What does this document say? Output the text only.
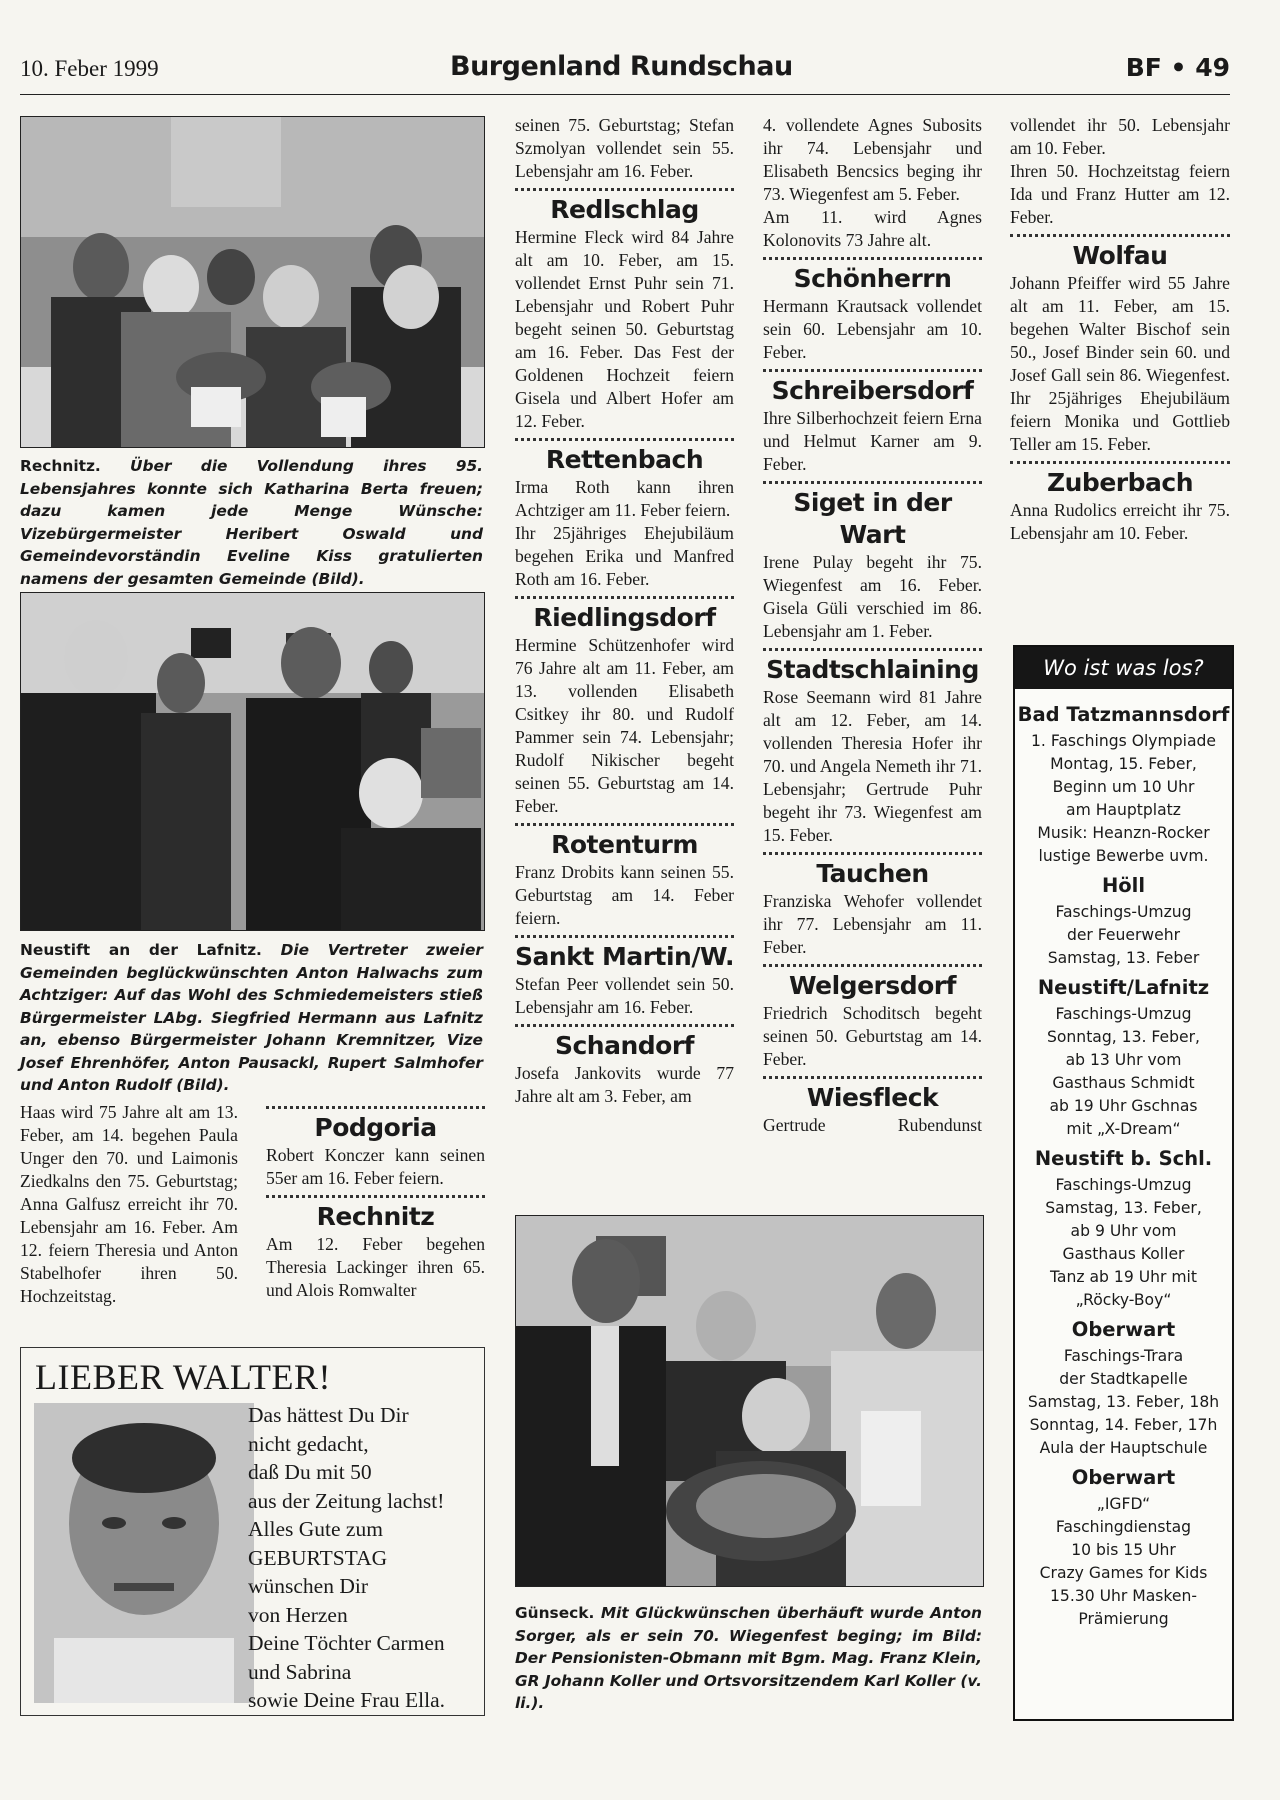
10. Feber 1999	Burgenland Rundschau	BF • 49
Rechnitz. Über die Vollendung ihres 95. Lebensjahres konnte sich Katharina Berta freuen; dazu kamen jede Menge Wünsche: Vizebürgermeister Heribert Oswald und Gemeindevorständin Eveline Kiss gratulierten namens der gesamten Gemeinde (Bild).
Neustift an der Lafnitz. Die Vertreter zweier Gemeinden beglückwünschten Anton Halwachs zum Achtziger: Auf das Wohl des Schmiedemeisters stieß Bürgermeister LAbg. Siegfried Hermann aus Lafnitz an, ebenso Bürgermeister Johann Kremnitzer, Vize Josef Ehrenhöfer, Anton Pausackl, Rupert Salmhofer und Anton Rudolf (Bild).

Haas wird 75 Jahre alt am 13. Feber, am 14. begehen Paula Unger den 70. und Laimonis Ziedkalns den 75. Geburtstag; Anna Galfusz erreicht ihr 70. Lebensjahr am 16. Feber. Am 12. feiern Theresia und Anton Stabelhofer ihren 50. Hochzeitstag.

Podgoria

Robert Konczer kann seinen 55er am 16. Feber feiern.

Rechnitz

Am 12. Feber begehen Theresia Lackinger ihren 65. und Alois Romwalter

LIEBER WALTER!
Das hättest Du Dir
nicht gedacht,
daß Du mit 50
aus der Zeitung lachst!
Alles Gute zum
GEBURTSTAG
wünschen Dir
von Herzen
Deine Töchter Carmen
und Sabrina
sowie Deine Frau Ella.

seinen 75. Geburtstag; Stefan Szmolyan vollendet sein 55. Lebensjahr am 16. Feber.

Redlschlag

Hermine Fleck wird 84 Jahre alt am 10. Feber, am 15. vollendet Ernst Puhr sein 71. Lebensjahr und Robert Puhr begeht seinen 50. Geburtstag am 16. Feber. Das Fest der Goldenen Hochzeit feiern Gisela und Albert Hofer am 12. Feber.

Rettenbach

Irma Roth kann ihren Achtziger am 11. Feber feiern.

Ihr 25jähriges Ehejubiläum begehen Erika und Manfred Roth am 16. Feber.

Riedlingsdorf

Hermine Schützenhofer wird 76 Jahre alt am 11. Feber, am 13. vollenden Elisabeth Csitkey ihr 80. und Rudolf Pammer sein 74. Lebensjahr; Rudolf Nikischer begeht seinen 55. Geburtstag am 14. Feber.

Rotenturm

Franz Drobits kann seinen 55. Geburtstag am 14. Feber feiern.

Sankt Martin/W.

Stefan Peer vollendet sein 50. Lebensjahr am 16. Feber.

Schandorf

Josefa Jankovits wurde 77 Jahre alt am 3. Feber, am

4. vollendete Agnes Subosits ihr 74. Lebensjahr und Elisabeth Bencsics beging ihr 73. Wiegenfest am 5. Feber.

Am 11. wird Agnes Kolonovits 73 Jahre alt.

Schönherrn

Hermann Krautsack vollendet sein 60. Lebensjahr am 10. Feber.

Schreibersdorf

Ihre Silberhochzeit feiern Erna und Helmut Karner am 9. Feber.

Siget in der Wart

Irene Pulay begeht ihr 75. Wiegenfest am 16. Feber. Gisela Güli verschied im 86. Lebensjahr am 1. Feber.

Stadtschlaining

Rose Seemann wird 81 Jahre alt am 12. Feber, am 14. vollenden Theresia Hofer ihr 70. und Angela Nemeth ihr 71. Lebensjahr; Gertrude Puhr begeht ihr 73. Wiegenfest am 15. Feber.

Tauchen

Franziska Wehofer vollendet ihr 77. Lebensjahr am 11. Feber.

Welgersdorf

Friedrich Schoditsch begeht seinen 50. Geburtstag am 14. Feber.

Wiesfleck

Gertrude Rubendunst

Günseck. Mit Glückwünschen überhäuft wurde Anton Sorger, als er sein 70. Wiegenfest beging; im Bild: Der Pensionisten-Obmann mit Bgm. Mag. Franz Klein, GR Johann Koller und Ortsvorsitzendem Karl Koller (v. li.).

vollendet ihr 50. Lebensjahr am 10. Feber.

Ihren 50. Hochzeitstag feiern Ida und Franz Hutter am 12. Feber.

Wolfau

Johann Pfeiffer wird 55 Jahre alt am 11. Feber, am 15. begehen Walter Bischof sein 50., Josef Binder sein 60. und Josef Gall sein 86. Wiegenfest. Ihr 25jähriges Ehejubiläum feiern Monika und Gottlieb Teller am 15. Feber.

Zuberbach

Anna Rudolics erreicht ihr 75. Lebensjahr am 10. Feber.

Wo ist was los?
Bad Tatzmannsdorf
1. Faschings Olympiade
Montag, 15. Feber,
Beginn um 10 Uhr
am Hauptplatz
Musik: Heanzn-Rocker
lustige Bewerbe uvm.
Höll
Faschings-Umzug
der Feuerwehr
Samstag, 13. Feber
Neustift/Lafnitz
Faschings-Umzug
Sonntag, 13. Feber,
ab 13 Uhr vom
Gasthaus Schmidt
ab 19 Uhr Gschnas
mit „X-Dream“
Neustift b. Schl.
Faschings-Umzug
Samstag, 13. Feber,
ab 9 Uhr vom
Gasthaus Koller
Tanz ab 19 Uhr mit
„Röcky-Boy“
Oberwart
Faschings-Trara
der Stadtkapelle
Samstag, 13. Feber, 18h
Sonntag, 14. Feber, 17h
Aula der Hauptschule
Oberwart
„IGFD“
Faschingdienstag
10 bis 15 Uhr
Crazy Games for Kids
15.30 Uhr Masken-
Prämierung
